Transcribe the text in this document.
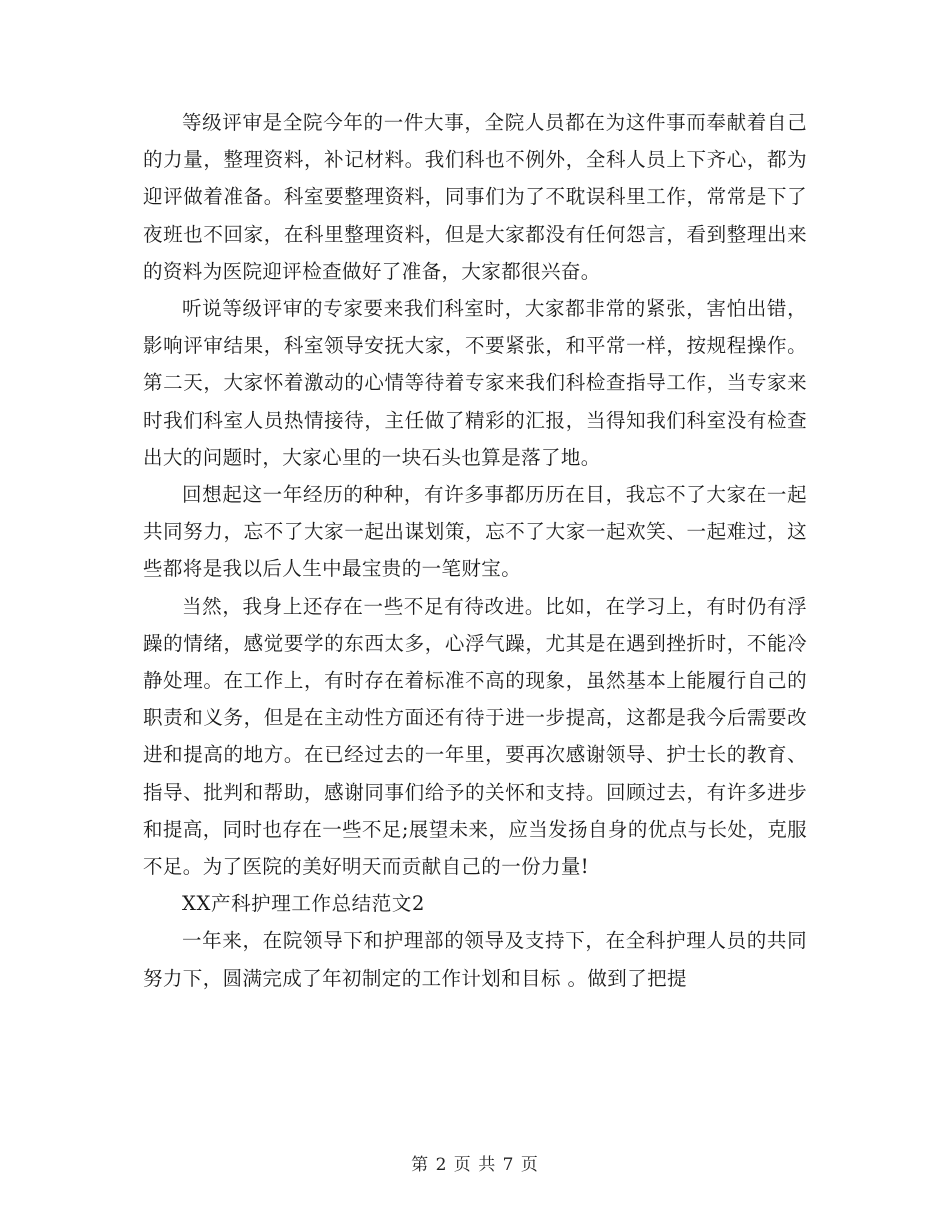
等级评审是全院今年的一件大事，全院人员都在为这件事而奉献着自己的力量，整理资料，补记材料。我们科也不例外，全科人员上下齐心，都为迎评做着准备。科室要整理资料，同事们为了不耽误科里工作，常常是下了夜班也不回家，在科里整理资料，但是大家都没有任何怨言，看到整理出来的资料为医院迎评检查做好了准备，大家都很兴奋。

听说等级评审的专家要来我们科室时，大家都非常的紧张，害怕出错，影响评审结果，科室领导安抚大家，不要紧张，和平常一样，按规程操作。第二天，大家怀着激动的心情等待着专家来我们科检查指导工作，当专家来时我们科室人员热情接待，主任做了精彩的汇报，当得知我们科室没有检查出大的问题时，大家心里的一块石头也算是落了地。

回想起这一年经历的种种，有许多事都历历在目，我忘不了大家在一起共同努力，忘不了大家一起出谋划策，忘不了大家一起欢笑、一起难过，这些都将是我以后人生中最宝贵的一笔财宝。

当然，我身上还存在一些不足有待改进。比如，在学习上，有时仍有浮躁的情绪，感觉要学的东西太多，心浮气躁，尤其是在遇到挫折时，不能冷静处理。在工作上，有时存在着标准不高的现象，虽然基本上能履行自己的职责和义务，但是在主动性方面还有待于进一步提高，这都是我今后需要改进和提高的地方。在已经过去的一年里，要再次感谢领导、护士长的教育、指导、批判和帮助，感谢同事们给予的关怀和支持。回顾过去，有许多进步和提高，同时也存在一些不足;展望未来，应当发扬自身的优点与长处，克服不足。为了医院的美好明天而贡献自己的一份力量!

XX产科护理工作总结范文2

一年来，在院领导下和护理部的领导及支持下，在全科护理人员的共同努力下，圆满完成了年初制定的工作计划和目标 。做到了把提

第 2 页 共 7 页
